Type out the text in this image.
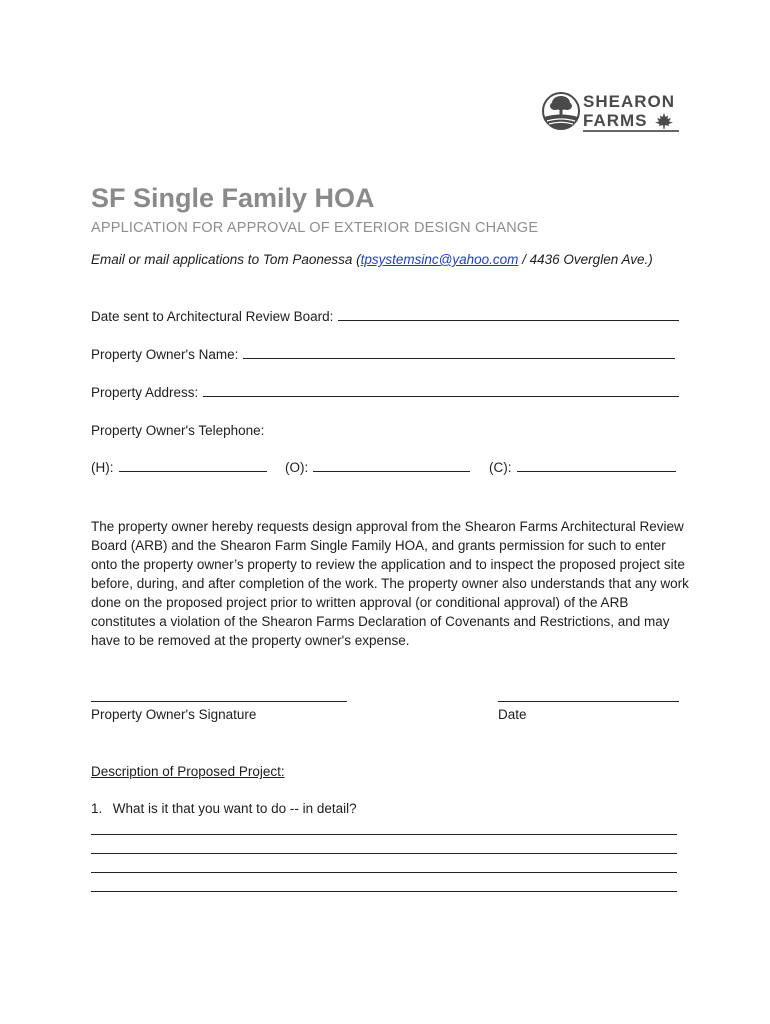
SHEARON
FARMS
SF Single Family HOA
APPLICATION FOR APPROVAL OF EXTERIOR DESIGN CHANGE
Email or mail applications to Tom Paonessa (tpsystemsinc@yahoo.com / 4436 Overglen Ave.)
Date sent to Architectural Review Board:
Property Owner's Name:
Property Address:
Property Owner's Telephone:
(H):	(O):	(C):
The property owner hereby requests design approval from the Shearon Farms Architectural Review Board (ARB) and the Shearon Farm Single Family HOA, and grants permission for such to enter onto the property owner’s property to review the application and to inspect the proposed project site before, during, and after completion of the work. The property owner also understands that any work done on the proposed project prior to written approval (or conditional approval) of the ARB constitutes a violation of the Shearon Farms Declaration of Covenants and Restrictions, and may have to be removed at the property owner's expense.
Property Owner's Signature	Date
Description of Proposed Project:
1.  What is it that you want to do -- in detail?
